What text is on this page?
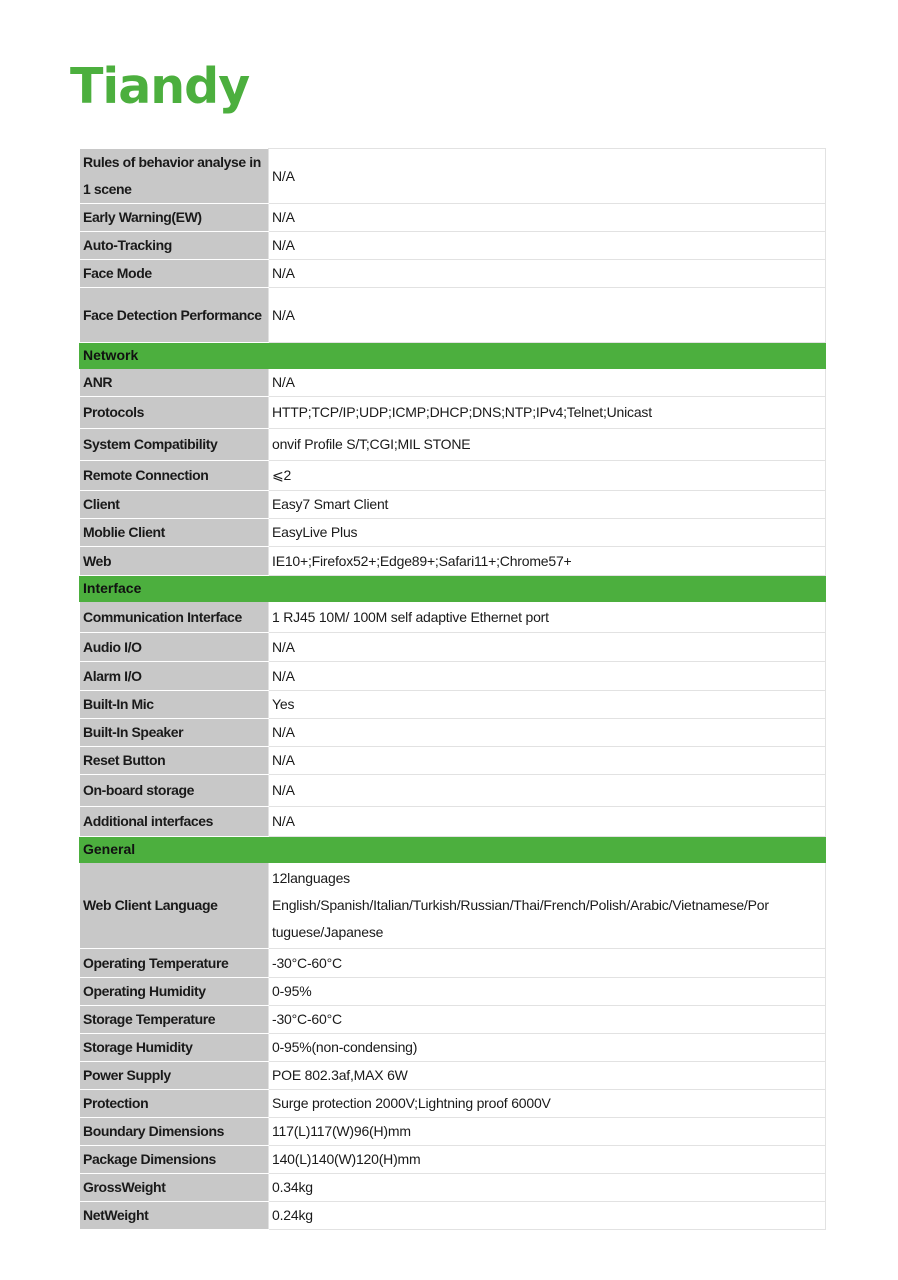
Tiandy
Rules of behavior analyse in 1 scene	N/A
Early Warning(EW)	N/A
Auto-Tracking	N/A
Face Mode	N/A
Face Detection Performance	N/A
Network	
ANR	N/A
Protocols	HTTP;TCP/IP;UDP;ICMP;DHCP;DNS;NTP;IPv4;Telnet;Unicast
System Compatibility	onvif Profile S/T;CGI;MIL STONE
Remote Connection	⩽2
Client	Easy7 Smart Client
Moblie Client	EasyLive Plus
Web	IE10+;Firefox52+;Edge89+;Safari11+;Chrome57+
Interface	
Communication Interface	1 RJ45 10M/ 100M self adaptive Ethernet port
Audio I/O	N/A
Alarm I/O	N/A
Built-In Mic	Yes
Built-In Speaker	N/A
Reset Button	N/A
On-board storage	N/A
Additional interfaces	N/A
General	
Web Client Language	12languages
English/Spanish/Italian/Turkish/Russian/Thai/French/Polish/Arabic/Vietnamese/Por
tuguese/Japanese

Operating Temperature	-30°C-60°C
Operating Humidity	0-95%
Storage Temperature	-30°C-60°C
Storage Humidity	0-95%(non-condensing)
Power Supply	POE 802.3af,MAX 6W
Protection	Surge protection 2000V;Lightning proof 6000V
Boundary Dimensions	117(L)117(W)96(H)mm
Package Dimensions	140(L)140(W)120(H)mm
GrossWeight	0.34kg
NetWeight	0.24kg
